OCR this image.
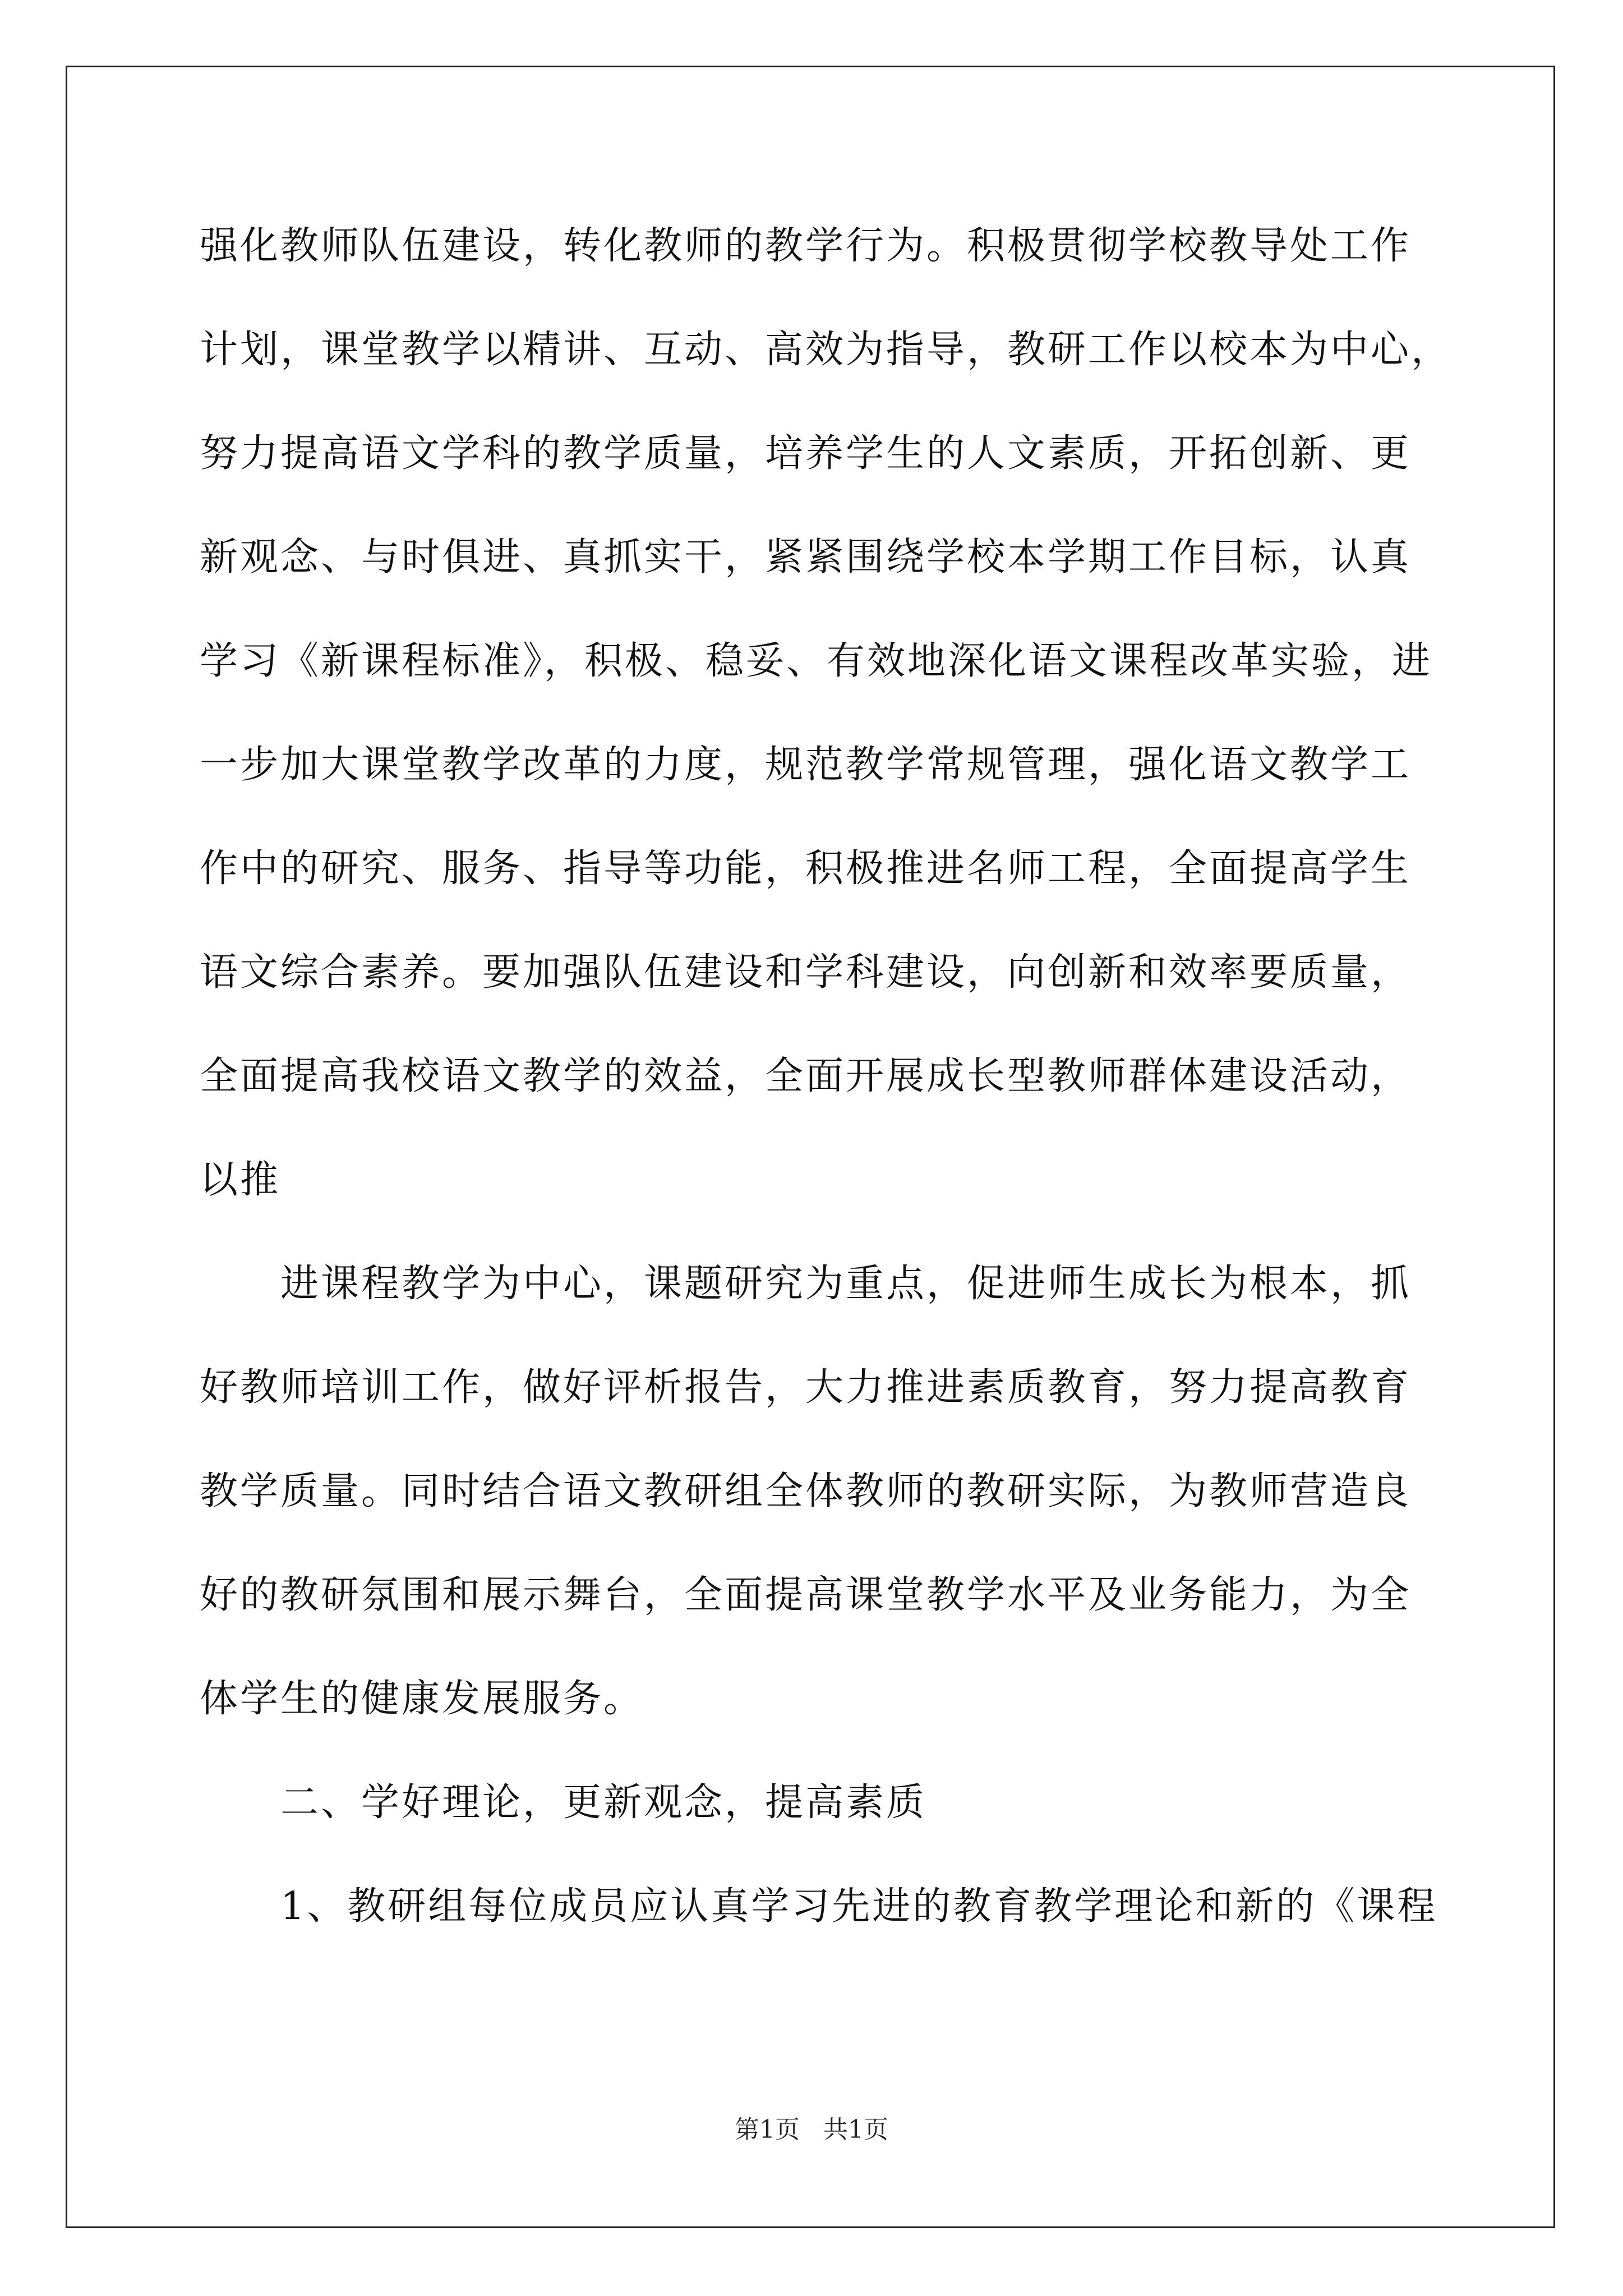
强化教师队伍建设，转化教师的教学行为。积极贯彻学校教导处工作
计划，课堂教学以精讲、互动、高效为指导，教研工作以校本为中心，
努力提高语文学科的教学质量，培养学生的人文素质，开拓创新、更
新观念、与时俱进、真抓实干，紧紧围绕学校本学期工作目标，认真
学习《新课程标准》，积极、稳妥、有效地深化语文课程改革实验，进
一步加大课堂教学改革的力度，规范教学常规管理，强化语文教学工
作中的研究、服务、指导等功能，积极推进名师工程，全面提高学生
语文综合素养。要加强队伍建设和学科建设，向创新和效率要质量，
全面提高我校语文教学的效益，全面开展成长型教师群体建设活动，
以推
进课程教学为中心，课题研究为重点，促进师生成长为根本，抓
好教师培训工作，做好评析报告，大力推进素质教育，努力提高教育
教学质量。同时结合语文教研组全体教师的教研实际，为教师营造良
好的教研氛围和展示舞台，全面提高课堂教学水平及业务能力，为全
体学生的健康发展服务。
二、学好理论，更新观念，提高素质
1、教研组每位成员应认真学习先进的教育教学理论和新的《课程
第1页   共1页
